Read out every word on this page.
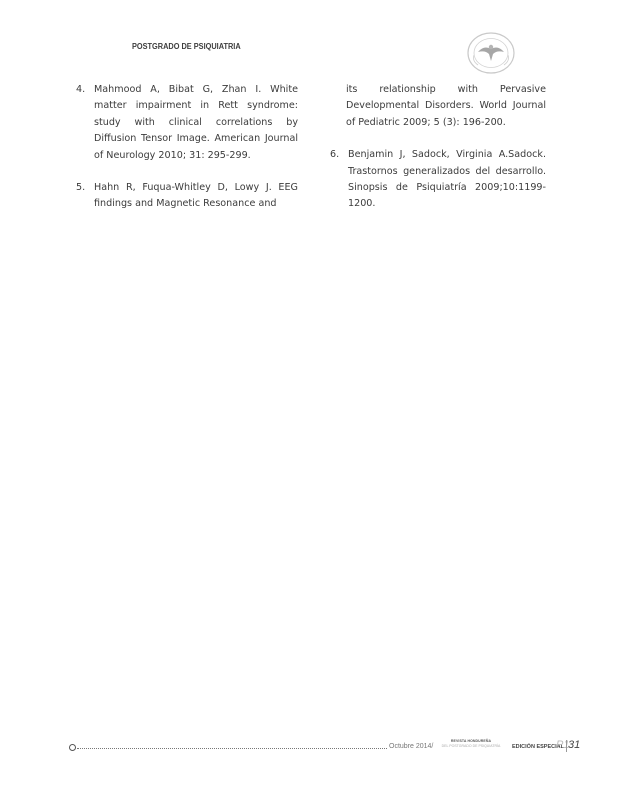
POSTGRADO DE PSIQUIATRIA
4. Mahmood A, Bibat G, Zhan I. White matter impairment in Rett syndrome: study with clinical correlations by Diffusion Tensor Image. American Journal of Neurology 2010; 31: 295-299.
5. Hahn R, Fuqua-Whitley D, Lowy J. EEG findings and Magnetic Resonance and
its relationship with Pervasive Developmental Disorders. World Journal of Pediatric 2009; 5 (3): 196-200.
6. Benjamin J, Sadock, Virginia A.Sadock. Trastornos generalizados del desarrollo. Sinopsis de Psiquiatría 2009;10:1199-1200.
Octubre 2014/
REVISTA HONDUREÑA
DEL POSTGRADO DE PSIQUIATRÍA	EDICIÓN ESPECIAL
P1
31
